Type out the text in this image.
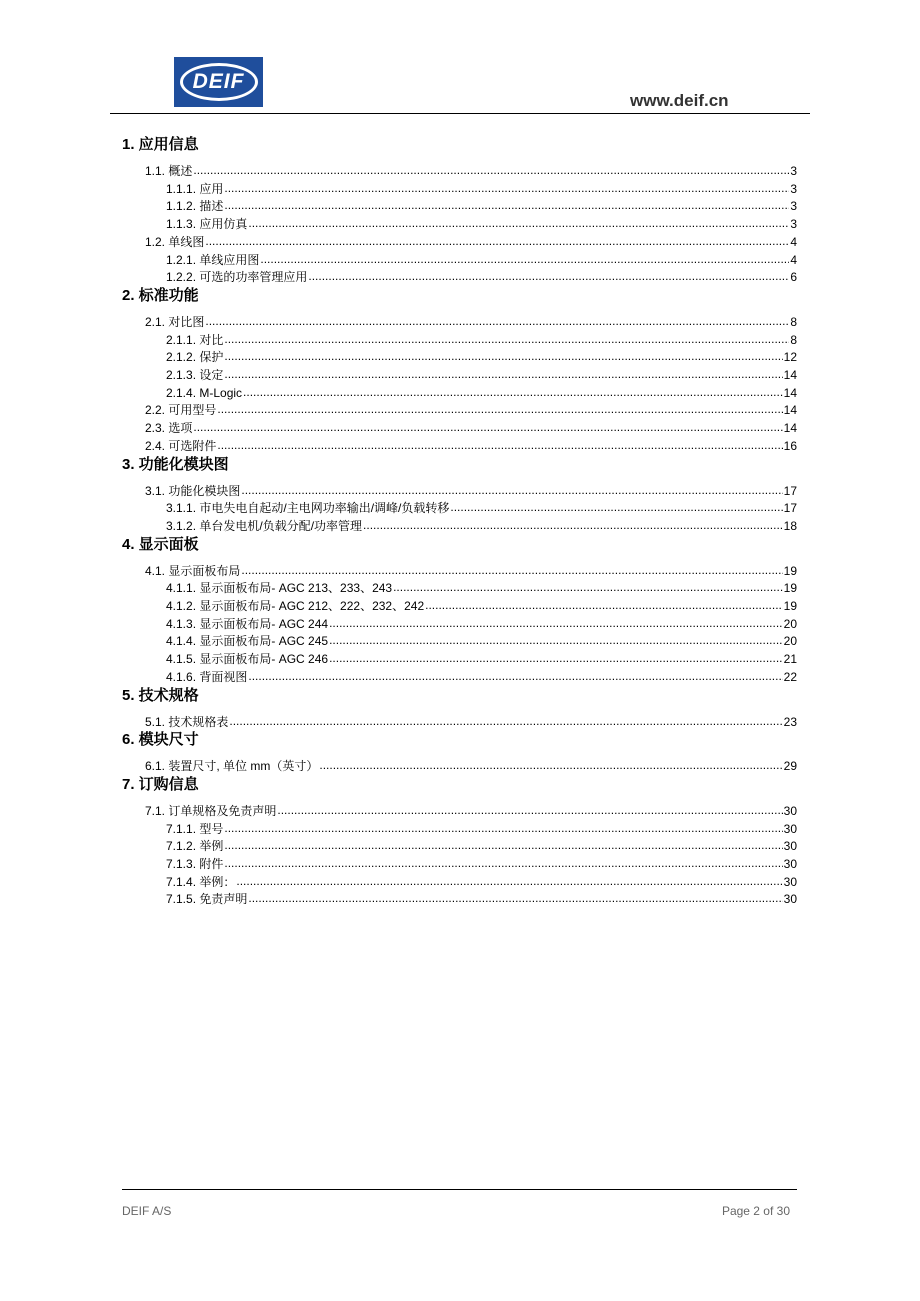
DEIF
www.deif.cn
1. 应用信息
1.1. 概述 .....	3
1.1.1. 应用 .....	3
1.1.2. 描述 .....	3
1.1.3. 应用仿真 .....	3
1.2. 单线图 .....	4
1.2.1. 单线应用图 .....	4
1.2.2. 可选的功率管理应用 .....	6
2. 标准功能
2.1. 对比图 .....	8
2.1.1. 对比 .....	8
2.1.2. 保护 .....	12
2.1.3. 设定 .....	14
2.1.4. M-Logic .....	14
2.2. 可用型号 .....	14
2.3. 选项 .....	14
2.4. 可选附件 .....	16
3. 功能化模块图
3.1. 功能化模块图 .....	17
3.1.1. 市电失电自起动/主电网功率输出/调峰/负载转移 .....	17
3.1.2. 单台发电机/负载分配/功率管理 .....	18
4. 显示面板
4.1. 显示面板布局 .....	19
4.1.1. 显示面板布局- AGC 213、233、243 .....	19
4.1.2. 显示面板布局- AGC 212、222、232、242 .....	19
4.1.3. 显示面板布局- AGC 244 .....	20
4.1.4. 显示面板布局- AGC 245 .....	20
4.1.5. 显示面板布局- AGC 246 .....	21
4.1.6. 背面视图 .....	22
5. 技术规格
5.1. 技术规格表 .....	23
6. 模块尺寸
6.1. 装置尺寸, 单位 mm（英寸） .....	29
7. 订购信息
7.1. 订单规格及免责声明 .....	30
7.1.1. 型号 .....	30
7.1.2. 举例 .....	30
7.1.3. 附件 .....	30
7.1.4. 举例： .....	30
7.1.5. 免责声明 .....	30
DEIF A/S	Page 2 of 30
